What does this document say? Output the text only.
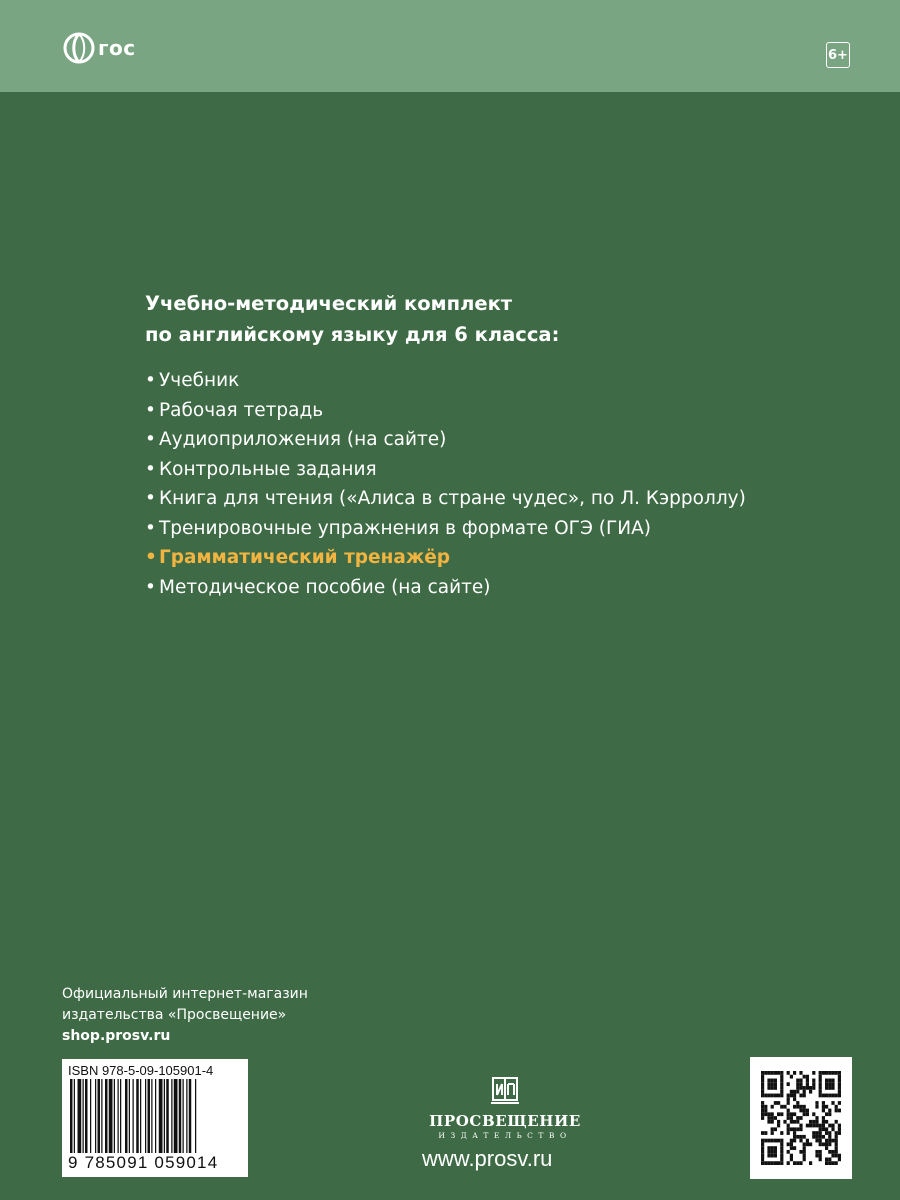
гос	6+
Учебно-методический комплект
по английскому языку для 6 класса:
• Учебник
• Рабочая тетрадь
• Аудиоприложения (на сайте)
• Контрольные задания
• Книга для чтения («Алиса в стране чудес», по Л. Кэрроллу)
• Тренировочные упражнения в формате ОГЭ (ГИА)
• Грамматический тренажёр
• Методическое пособие (на сайте)
Официальный интернет-магазин
издательства «Просвещение»
shop.prosv.ru
ISBN 978-5-09-105901-4
9 785091 059014
ПРОСВЕЩЕНИЕ
ИЗДАТЕЛЬСТВО
www.prosv.ru
